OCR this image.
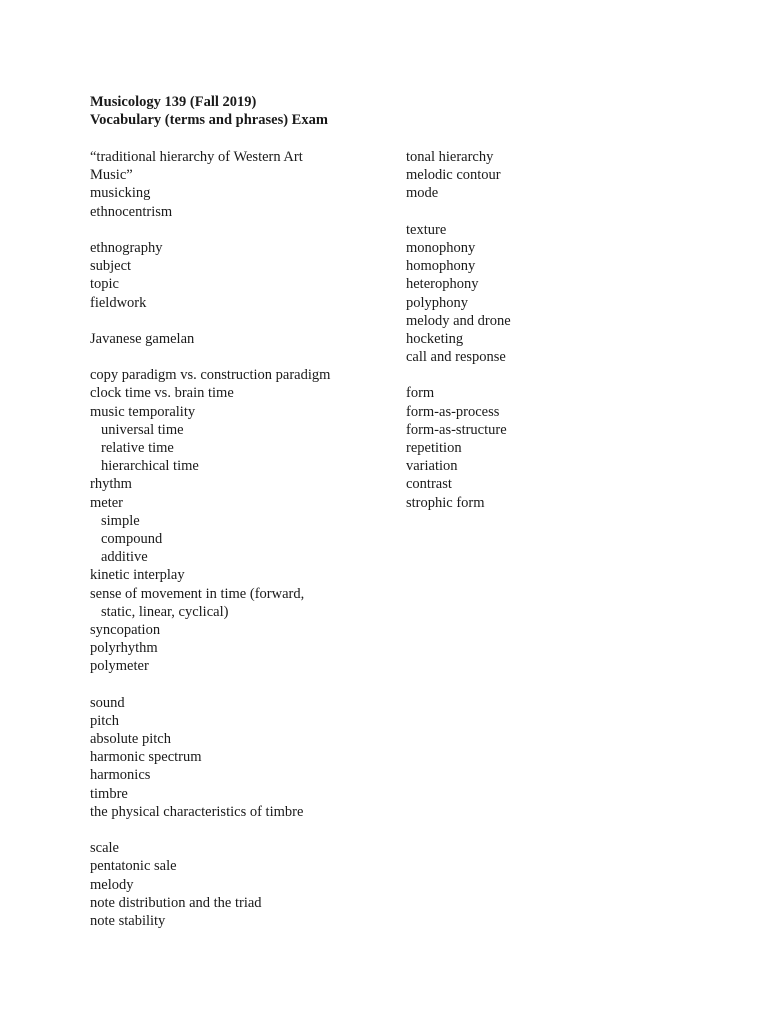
Musicology 139 (Fall 2019)
Vocabulary (terms and phrases) Exam
“traditional hierarchy of Western Art
Music”
musicking
ethnocentrism
ethnography
subject
topic
fieldwork
Javanese gamelan
copy paradigm vs. construction paradigm
clock time vs. brain time
music temporality
universal time
relative time
hierarchical time
rhythm
meter
simple
compound
additive
kinetic interplay
sense of movement in time (forward,
static, linear, cyclical)
syncopation
polyrhythm
polymeter
sound
pitch
absolute pitch
harmonic spectrum
harmonics
timbre
the physical characteristics of timbre
scale
pentatonic sale
melody
note distribution and the triad
note stability
tonal hierarchy
melodic contour
mode
texture
monophony
homophony
heterophony
polyphony
melody and drone
hocketing
call and response
form
form-as-process
form-as-structure
repetition
variation
contrast
strophic form
